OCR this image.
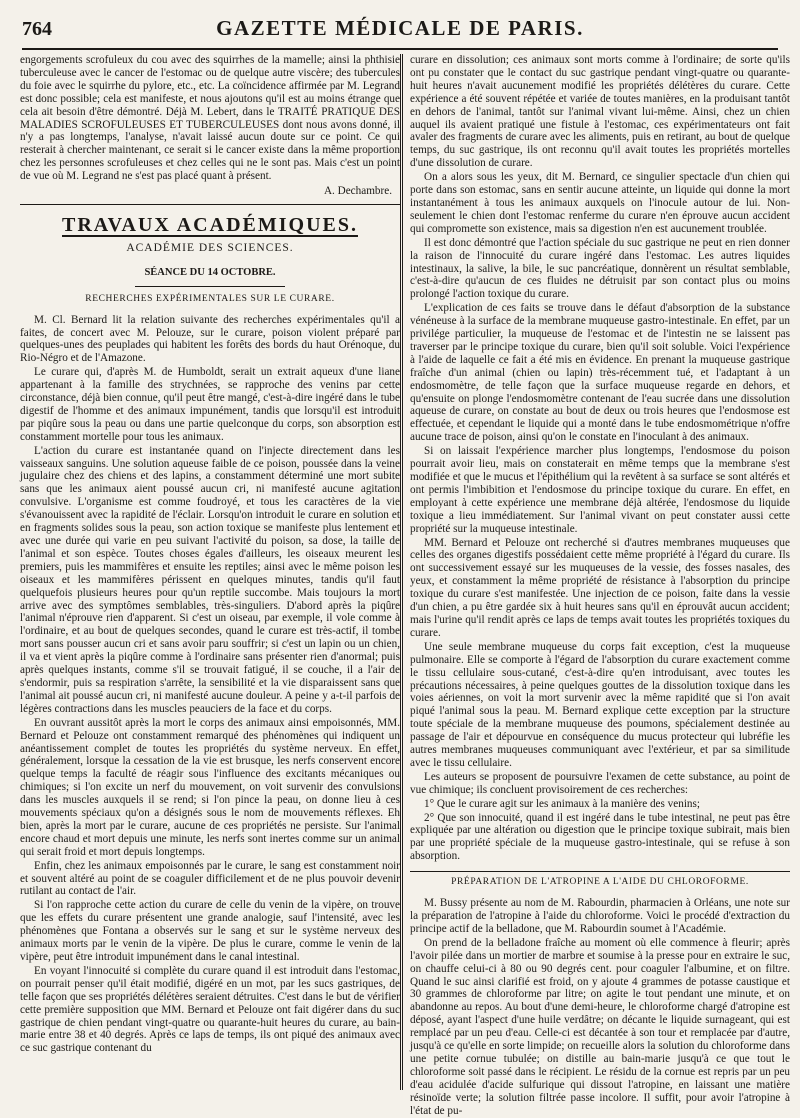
764	GAZETTE MÉDICALE DE PARIS.

engorgements scrofuleux du cou avec des squirrhes de la mamelle; ainsi la phthisie tuberculeuse avec le cancer de l'estomac ou de quelque autre viscère; des tubercules du foie avec le squirrhe du pylore, etc., etc. La coïncidence affirmée par M. Legrand est donc possible; cela est manifeste, et nous ajoutons qu'il est au moins étrange que cela ait besoin d'être démontré. Déjà M. Lebert, dans le TRAITÉ PRATIQUE DES MALADIES SCROFULEUSES ET TUBERCULEUSES dont nous avons donné, il n'y a pas longtemps, l'analyse, n'avait laissé aucun doute sur ce point. Ce qui resterait à chercher maintenant, ce serait si le cancer existe dans la même proportion chez les personnes scrofuleuses et chez celles qui ne le sont pas. Mais c'est un point de vue où M. Legrand ne s'est pas placé quant à présent.

A. Dechambre.
TRAVAUX ACADÉMIQUES.
ACADÉMIE DES SCIENCES.
SÉANCE DU 14 OCTOBRE.
RECHERCHES EXPÉRIMENTALES SUR LE CURARE.

M. Cl. Bernard lit la relation suivante des recherches expérimentales qu'il a faites, de concert avec M. Pelouze, sur le curare, poison violent préparé par quelques-unes des peuplades qui habitent les forêts des bords du haut Orénoque, du Rio-Négro et de l'Amazone.

Le curare qui, d'après M. de Humboldt, serait un extrait aqueux d'une liane appartenant à la famille des strychnées, se rapproche des venins par cette circonstance, déjà bien connue, qu'il peut être mangé, c'est-à-dire ingéré dans le tube digestif de l'homme et des animaux impunément, tandis que lorsqu'il est introduit par piqûre sous la peau ou dans une partie quelconque du corps, son absorption est constamment mortelle pour tous les animaux.

L'action du curare est instantanée quand on l'injecte directement dans les vaisseaux sanguins. Une solution aqueuse faible de ce poison, poussée dans la veine jugulaire chez des chiens et des lapins, a constamment déterminé une mort subite sans que les animaux aient poussé aucun cri, ni manifesté aucune agitation convulsive. L'organisme est comme foudroyé, et tous les caractères de la vie s'évanouissent avec la rapidité de l'éclair. Lorsqu'on introduit le curare en solution et en fragments solides sous la peau, son action toxique se manifeste plus lentement et avec une durée qui varie en peu suivant l'activité du poison, sa dose, la taille de l'animal et son espèce. Toutes choses égales d'ailleurs, les oiseaux meurent les premiers, puis les mammifères et ensuite les reptiles; ainsi avec le même poison les oiseaux et les mammifères périssent en quelques minutes, tandis qu'il faut quelquefois plusieurs heures pour qu'un reptile succombe. Mais toujours la mort arrive avec des symptômes semblables, très-singuliers. D'abord après la piqûre l'animal n'éprouve rien d'apparent. Si c'est un oiseau, par exemple, il vole comme à l'ordinaire, et au bout de quelques secondes, quand le curare est très-actif, il tombe mort sans pousser aucun cri et sans avoir paru souffrir; si c'est un lapin ou un chien, il va et vient après la piqûre comme à l'ordinaire sans présenter rien d'anormal; puis après quelques instants, comme s'il se trouvait fatigué, il se couche, il a l'air de s'endormir, puis sa respiration s'arrête, la sensibilité et la vie disparaissent sans que l'animal ait poussé aucun cri, ni manifesté aucune douleur. A peine y a-t-il parfois de légères contractions dans les muscles peauciers de la face et du corps.

En ouvrant aussitôt après la mort le corps des animaux ainsi empoisonnés, MM. Bernard et Pelouze ont constamment remarqué des phénomènes qui indiquent un anéantissement complet de toutes les propriétés du système nerveux. En effet, généralement, lorsque la cessation de la vie est brusque, les nerfs conservent encore quelque temps la faculté de réagir sous l'influence des excitants mécaniques ou chimiques; si l'on excite un nerf du mouvement, on voit survenir des convulsions dans les muscles auxquels il se rend; si l'on pince la peau, on donne lieu à ces mouvements spéciaux qu'on a désignés sous le nom de mouvements réflexes. Eh bien, après la mort par le curare, aucune de ces propriétés ne persiste. Sur l'animal encore chaud et mort depuis une minute, les nerfs sont inertes comme sur un animal qui serait froid et mort depuis longtemps.

Enfin, chez les animaux empoisonnés par le curare, le sang est constamment noir et souvent altéré au point de se coaguler difficilement et de ne plus pouvoir devenir rutilant au contact de l'air.

Si l'on rapproche cette action du curare de celle du venin de la vipère, on trouve que les effets du curare présentent une grande analogie, sauf l'intensité, avec les phénomènes que Fontana a observés sur le sang et sur le système nerveux des animaux morts par le venin de la vipère. De plus le curare, comme le venin de la vipère, peut être introduit impunément dans le canal intestinal.

En voyant l'innocuité si complète du curare quand il est introduit dans l'estomac, on pourrait penser qu'il était modifié, digéré en un mot, par les sucs gastriques, de telle façon que ses propriétés délétères seraient détruites. C'est dans le but de vérifier cette première supposition que MM. Bernard et Pelouze ont fait digérer dans du suc gastrique de chien pendant vingt-quatre ou quarante-huit heures du curare, au bain-marie entre 38 et 40 degrés. Après ce laps de temps, ils ont piqué des animaux avec ce suc gastrique contenant du

curare en dissolution; ces animaux sont morts comme à l'ordinaire; de sorte qu'ils ont pu constater que le contact du suc gastrique pendant vingt-quatre ou quarante-huit heures n'avait aucunement modifié les propriétés délétères du curare. Cette expérience a été souvent répétée et variée de toutes manières, en la produisant tantôt en dehors de l'animal, tantôt sur l'animal vivant lui-même. Ainsi, chez un chien auquel ils avaient pratiqué une fistule à l'estomac, ces expérimentateurs ont fait avaler des fragments de curare avec les aliments, puis en retirant, au bout de quelque temps, du suc gastrique, ils ont reconnu qu'il avait toutes les propriétés mortelles d'une dissolution de curare.

On a alors sous les yeux, dit M. Bernard, ce singulier spectacle d'un chien qui porte dans son estomac, sans en sentir aucune atteinte, un liquide qui donne la mort instantanément à tous les animaux auxquels on l'inocule autour de lui. Non-seulement le chien dont l'estomac renferme du curare n'en éprouve aucun accident qui compromette son existence, mais sa digestion n'en est aucunement troublée.

Il est donc démontré que l'action spéciale du suc gastrique ne peut en rien donner la raison de l'innocuité du curare ingéré dans l'estomac. Les autres liquides intestinaux, la salive, la bile, le suc pancréatique, donnèrent un résultat semblable, c'est-à-dire qu'aucun de ces fluides ne détruisit par son contact plus ou moins prolongé l'action toxique du curare.

L'explication de ces faits se trouve dans le défaut d'absorption de la substance vénéneuse à la surface de la membrane muqueuse gastro-intestinale. En effet, par un privilége particulier, la muqueuse de l'estomac et de l'intestin ne se laissent pas traverser par le principe toxique du curare, bien qu'il soit soluble. Voici l'expérience à l'aide de laquelle ce fait a été mis en évidence. En prenant la muqueuse gastrique fraîche d'un animal (chien ou lapin) très-récemment tué, et l'adaptant à un endosmomètre, de telle façon que la surface muqueuse regarde en dehors, et qu'ensuite on plonge l'endosmomètre contenant de l'eau sucrée dans une dissolution aqueuse de curare, on constate au bout de deux ou trois heures que l'endosmose est effectuée, et cependant le liquide qui a monté dans le tube endosmométrique n'offre aucune trace de poison, ainsi qu'on le constate en l'inoculant à des animaux.

Si on laissait l'expérience marcher plus longtemps, l'endosmose du poison pourrait avoir lieu, mais on constaterait en même temps que la membrane s'est modifiée et que le mucus et l'épithélium qui la revêtent à sa surface se sont altérés et ont permis l'imbibition et l'endosmose du principe toxique du curare. En effet, en employant à cette expérience une membrane déjà altérée, l'endosmose du liquide toxique a lieu immédiatement. Sur l'animal vivant on peut constater aussi cette propriété sur la muqueuse intestinale.

MM. Bernard et Pelouze ont recherché si d'autres membranes muqueuses que celles des organes digestifs possédaient cette même propriété à l'égard du curare. Ils ont successivement essayé sur les muqueuses de la vessie, des fosses nasales, des yeux, et constamment la même propriété de résistance à l'absorption du principe toxique du curare s'est manifestée. Une injection de ce poison, faite dans la vessie d'un chien, a pu être gardée six à huit heures sans qu'il en éprouvât aucun accident; mais l'urine qu'il rendit après ce laps de temps avait toutes les propriétés toxiques du curare.

Une seule membrane muqueuse du corps fait exception, c'est la muqueuse pulmonaire. Elle se comporte à l'égard de l'absorption du curare exactement comme le tissu cellulaire sous-cutané, c'est-à-dire qu'en introduisant, avec toutes les précautions nécessaires, à peine quelques gouttes de la dissolution toxique dans les voies aériennes, on voit la mort survenir avec la même rapidité que si l'on avait piqué l'animal sous la peau. M. Bernard explique cette exception par la structure toute spéciale de la membrane muqueuse des poumons, spécialement destinée au passage de l'air et dépourvue en conséquence du mucus protecteur qui lubréfie les autres membranes muqueuses communiquant avec l'extérieur, et par sa similitude avec le tissu cellulaire.

Les auteurs se proposent de poursuivre l'examen de cette substance, au point de vue chimique; ils concluent provisoirement de ces recherches:

1° Que le curare agit sur les animaux à la manière des venins;

2° Que son innocuité, quand il est ingéré dans le tube intestinal, ne peut pas être expliquée par une altération ou digestion que le principe toxique subirait, mais bien par une propriété spéciale de la muqueuse gastro-intestinale, qui se refuse à son absorption.

PRÉPARATION DE L'ATROPINE A L'AIDE DU CHLOROFORME.

M. Bussy présente au nom de M. Rabourdin, pharmacien à Orléans, une note sur la préparation de l'atropine à l'aide du chloroforme. Voici le procédé d'extraction du principe actif de la belladone, que M. Rabourdin soumet à l'Académie.

On prend de la belladone fraîche au moment où elle commence à fleurir; après l'avoir pilée dans un mortier de marbre et soumise à la presse pour en extraire le suc, on chauffe celui-ci à 80 ou 90 degrés cent. pour coaguler l'albumine, et on filtre. Quand le suc ainsi clarifié est froid, on y ajoute 4 grammes de potasse caustique et 30 grammes de chloroforme par litre; on agite le tout pendant une minute, et on abandonne au repos. Au bout d'une demi-heure, le chloroforme chargé d'atropine est déposé, ayant l'aspect d'une huile verdâtre; on décante le liquide surnageant, qui est remplacé par un peu d'eau. Celle-ci est décantée à son tour et remplacée par d'autre, jusqu'à ce qu'elle en sorte limpide; on recueille alors la solution du chloroforme dans une petite cornue tubulée; on distille au bain-marie jusqu'à ce que tout le chloroforme soit passé dans le récipient. Le résidu de la cornue est repris par un peu d'eau acidulée d'acide sulfurique qui dissout l'atropine, en laissant une matière résinoïde verte; la solution filtrée passe incolore. Il suffit, pour avoir l'atropine à l'état de pu-
